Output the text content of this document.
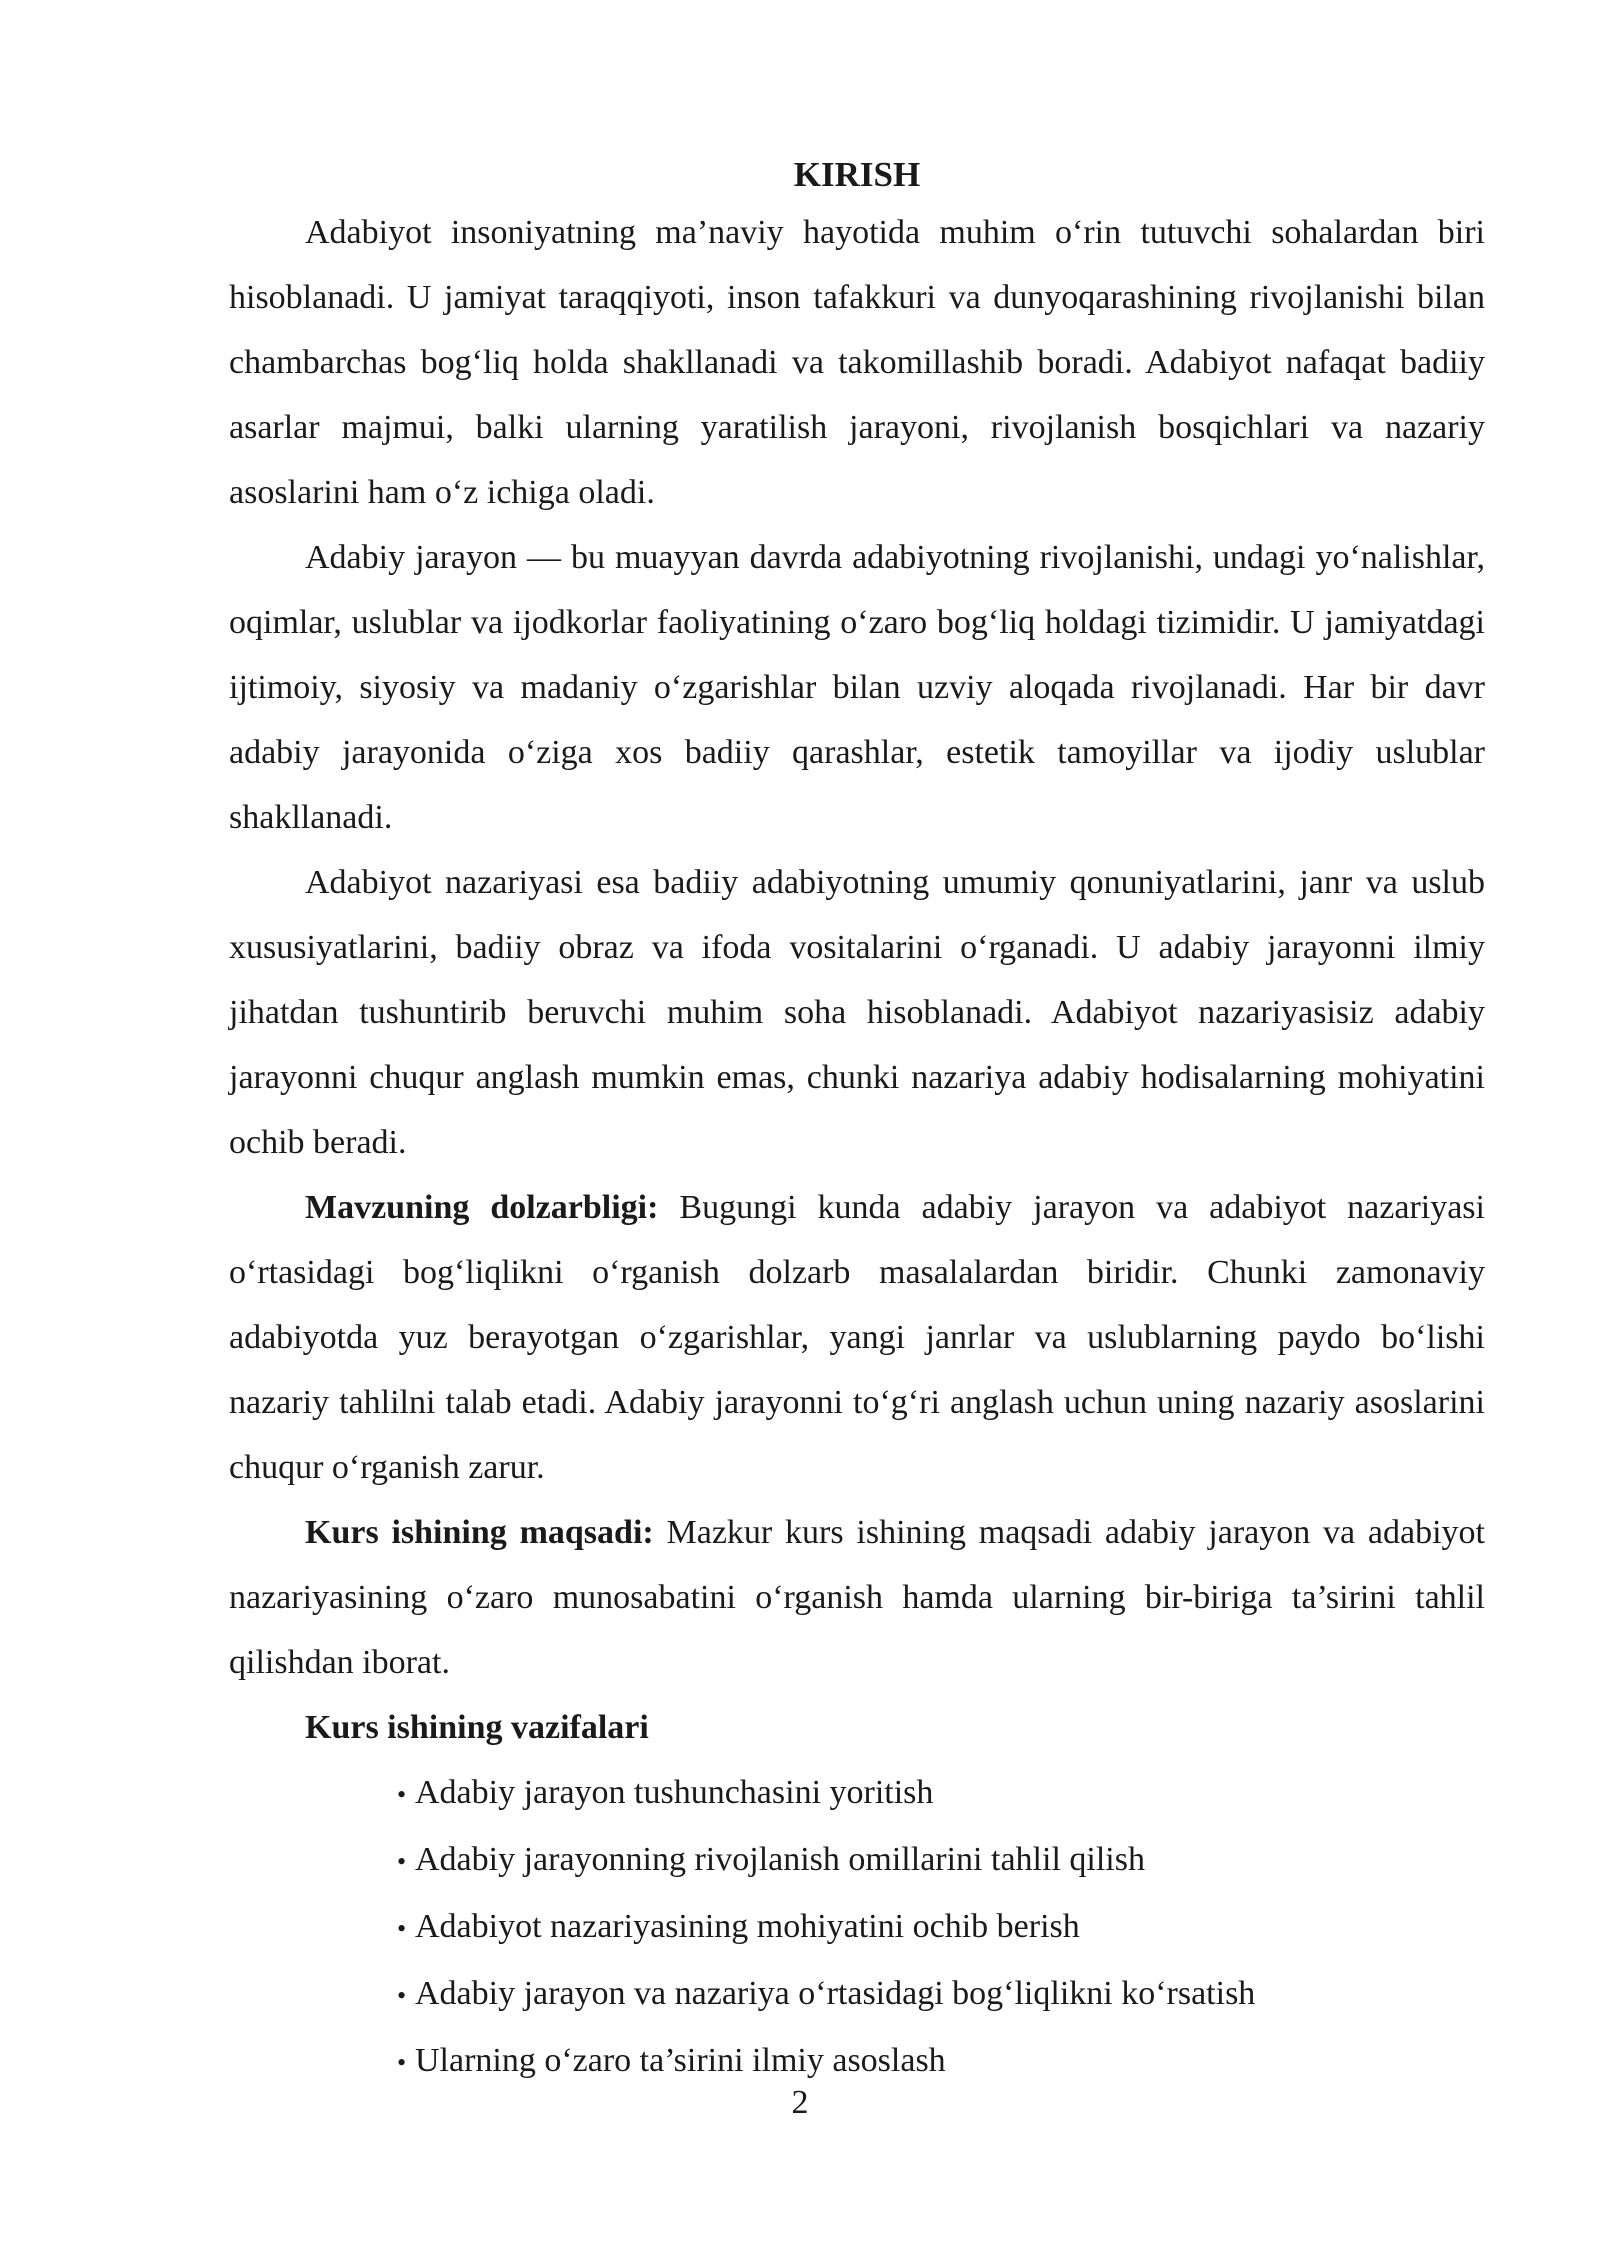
KIRISH

Adabiyot insoniyatning ma’naviy hayotida muhim o‘rin tutuvchi sohalardan biri hisoblanadi. U jamiyat taraqqiyoti, inson tafakkuri va dunyoqarashining rivojlanishi bilan chambarchas bog‘liq holda shakllanadi va takomillashib boradi. Adabiyot nafaqat badiiy asarlar majmui, balki ularning yaratilish jarayoni, rivojlanish bosqichlari va nazariy asoslarini ham o‘z ichiga oladi.

Adabiy jarayon — bu muayyan davrda adabiyotning rivojlanishi, undagi yo‘nalishlar, oqimlar, uslublar va ijodkorlar faoliyatining o‘zaro bog‘liq holdagi tizimidir. U jamiyatdagi ijtimoiy, siyosiy va madaniy o‘zgarishlar bilan uzviy aloqada rivojlanadi. Har bir davr adabiy jarayonida o‘ziga xos badiiy qarashlar, estetik tamoyillar va ijodiy uslublar shakllanadi.

Adabiyot nazariyasi esa badiiy adabiyotning umumiy qonuniyatlarini, janr va uslub xususiyatlarini, badiiy obraz va ifoda vositalarini o‘rganadi. U adabiy jarayonni ilmiy jihatdan tushuntirib beruvchi muhim soha hisoblanadi. Adabiyot nazariyasisiz adabiy jarayonni chuqur anglash mumkin emas, chunki nazariya adabiy hodisalarning mohiyatini ochib beradi.

Mavzuning dolzarbligi: Bugungi kunda adabiy jarayon va adabiyot nazariyasi o‘rtasidagi bog‘liqlikni o‘rganish dolzarb masalalardan biridir. Chunki zamonaviy adabiyotda yuz berayotgan o‘zgarishlar, yangi janrlar va uslublarning paydo bo‘lishi nazariy tahlilni talab etadi. Adabiy jarayonni to‘g‘ri anglash uchun uning nazariy asoslarini chuqur o‘rganish zarur.

Kurs ishining maqsadi: Mazkur kurs ishining maqsadi adabiy jarayon va adabiyot nazariyasining o‘zaro munosabatini o‘rganish hamda ularning bir-biriga ta’sirini tahlil qilishdan iborat.

Kurs ishining vazifalari

• Adabiy jarayon tushunchasini yoritish
• Adabiy jarayonning rivojlanish omillarini tahlil qilish
• Adabiyot nazariyasining mohiyatini ochib berish
• Adabiy jarayon va nazariya o‘rtasidagi bog‘liqlikni ko‘rsatish
• Ularning o‘zaro ta’sirini ilmiy asoslash
2
